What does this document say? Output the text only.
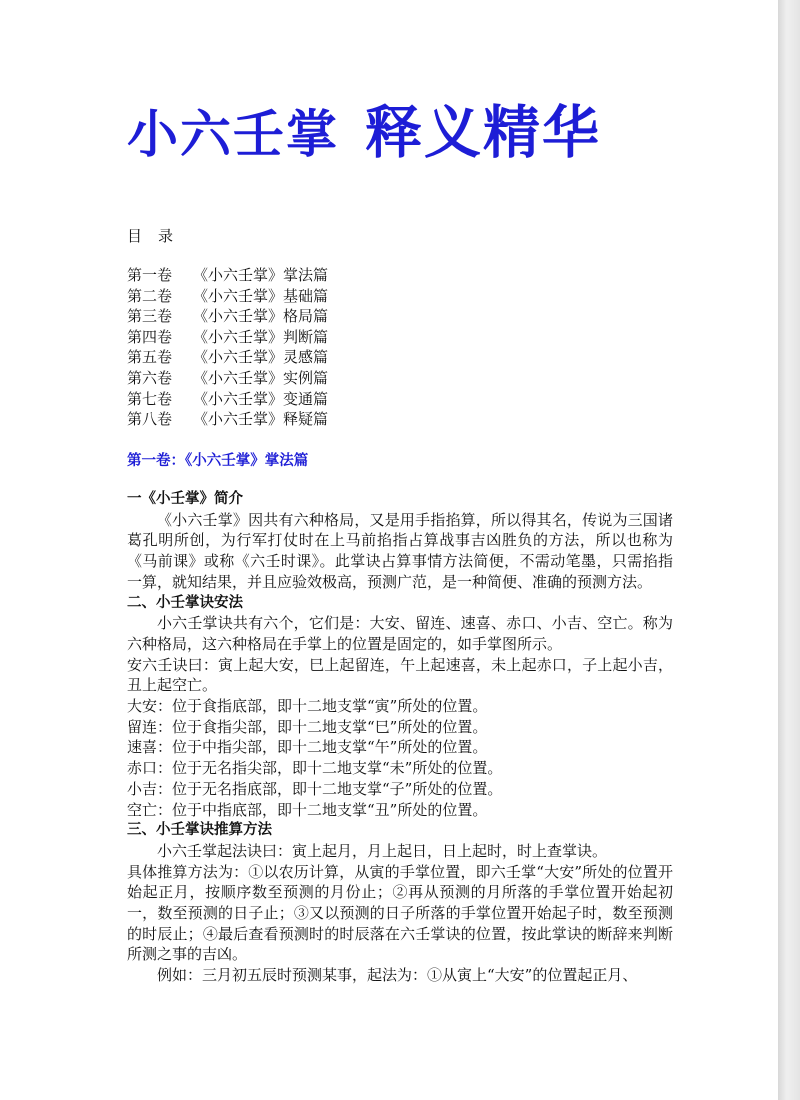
小六壬掌 释义精华
目录
第一卷 《小六壬掌》掌法篇
第二卷 《小六壬掌》基础篇
第三卷 《小六壬掌》格局篇
第四卷 《小六壬掌》判断篇
第五卷 《小六壬掌》灵感篇
第六卷 《小六壬掌》实例篇
第七卷 《小六壬掌》变通篇
第八卷 《小六壬掌》释疑篇
第一卷：《小六壬掌》掌法篇
一《小壬掌》简介

《小六壬掌》因共有六种格局，又是用手指掐算，所以得其名，传说为三国诸葛孔明所创，为行军打仗时在上马前掐指占算战事吉凶胜负的方法，所以也称为《马前课》或称《六壬时课》。此掌诀占算事情方法简便，不需动笔墨，只需掐指一算，就知结果，并且应验效极高，预测广范，是一种简便、准确的预测方法。

二、小壬掌诀安法

小六壬掌诀共有六个，它们是：大安、留连、速喜、赤口、小吉、空亡。称为六种格局，这六种格局在手掌上的位置是固定的，如手掌图所示。

安六壬诀曰：寅上起大安，巳上起留连，午上起速喜，未上起赤口，子上起小吉，丑上起空亡。

大安：位于食指底部，即十二地支掌“寅”所处的位置。

留连：位于食指尖部，即十二地支掌“巳”所处的位置。

速喜：位于中指尖部，即十二地支掌“午”所处的位置。

赤口：位于无名指尖部，即十二地支掌“未”所处的位置。

小吉：位于无名指底部，即十二地支掌“子”所处的位置。

空亡：位于中指底部，即十二地支掌“丑”所处的位置。

三、小壬掌诀推算方法

小六壬掌起法诀曰：寅上起月，月上起日，日上起时，时上查掌诀。

具体推算方法为：①以农历计算，从寅的手掌位置，即六壬掌“大安”所处的位置开始起正月，按顺序数至预测的月份止；②再从预测的月所落的手掌位置开始起初一，数至预测的日子止；③又以预测的日子所落的手掌位置开始起子时，数至预测的时辰止；④最后查看预测时的时辰落在六壬掌诀的位置，按此掌诀的断辞来判断所测之事的吉凶。

例如：三月初五辰时预测某事，起法为：①从寅上“大安”的位置起正月、
